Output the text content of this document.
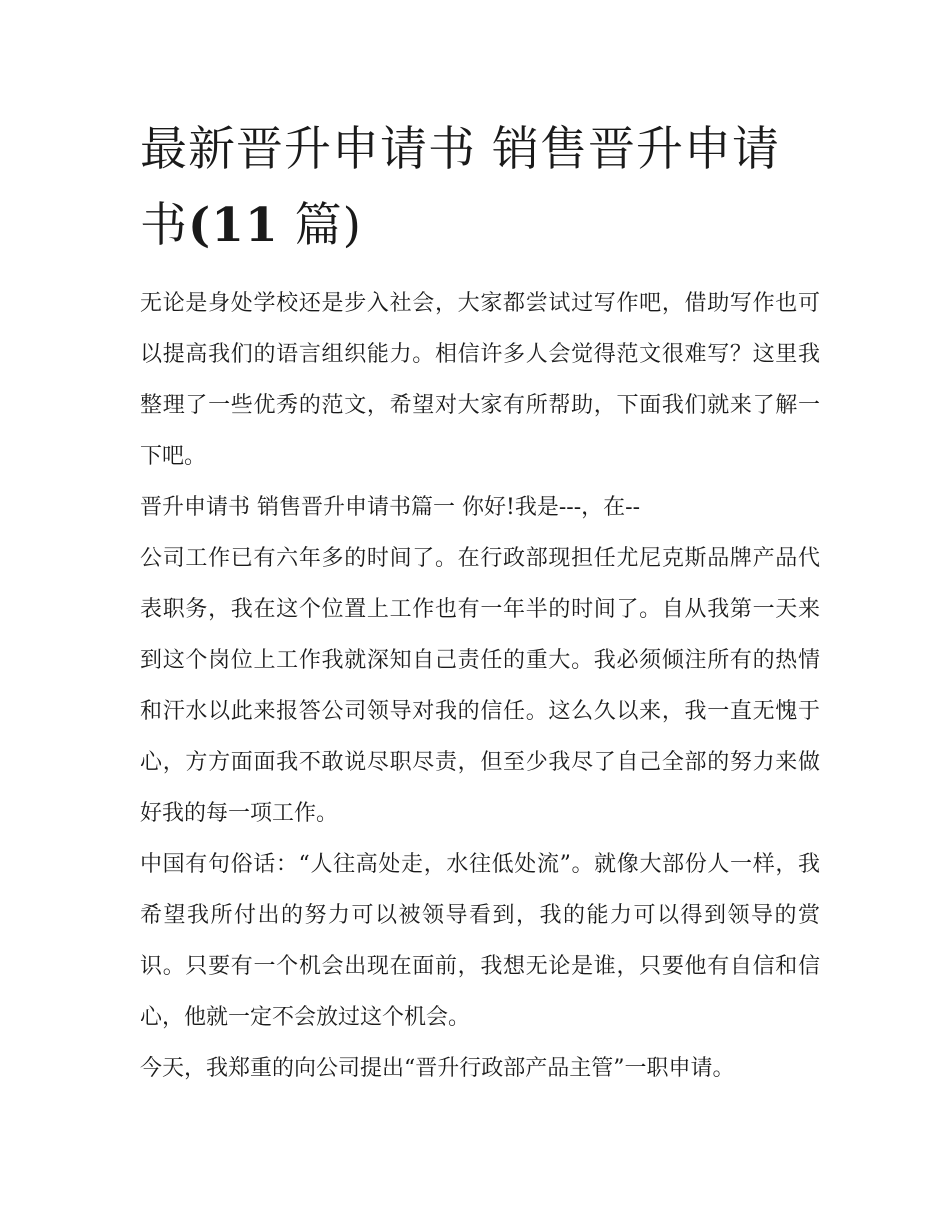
最新晋升申请书 销售晋升申请
书(11 篇)

无论是身处学校还是步入社会，大家都尝试过写作吧，借助写作也可以提高我们的语言组织能力。相信许多人会觉得范文很难写？这里我整理了一些优秀的范文，希望对大家有所帮助，下面我们就来了解一下吧。

晋升申请书 销售晋升申请书篇一 你好!我是---，在--

公司工作已有六年多的时间了。在行政部现担任尤尼克斯品牌产品代表职务，我在这个位置上工作也有一年半的时间了。自从我第一天来到这个岗位上工作我就深知自己责任的重大。我必须倾注所有的热情和汗水以此来报答公司领导对我的信任。这么久以来，我一直无愧于心，方方面面我不敢说尽职尽责，但至少我尽了自己全部的努力来做好我的每一项工作。

中国有句俗话：“人往高处走，水往低处流”。就像大部份人一样，我希望我所付出的努力可以被领导看到，我的能力可以得到领导的赏识。只要有一个机会出现在面前，我想无论是谁，只要他有自信和信心，他就一定不会放过这个机会。

今天，我郑重的向公司提出“晋升行政部产品主管”一职申请。
